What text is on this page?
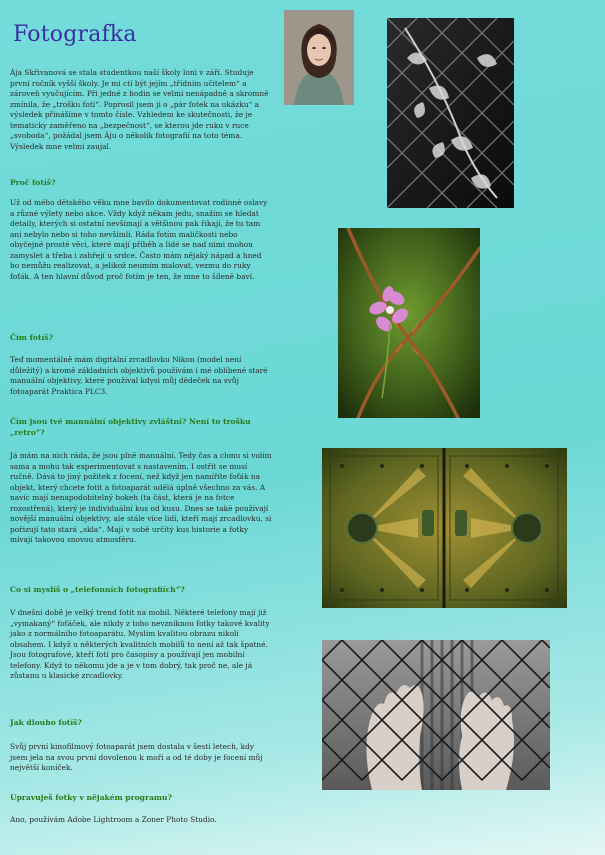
Fotografka

Ája Skřivanová se stala studentkou naší školy loni v září. Studuje první ročník vyšší školy. Je mi ctí být jejím „třídním učitelem“ a zároveň vyučujícím. Při jedné z hodin se velmi nenápadně a skromně zmínila, že „trošku fotí“. Poprosil jsem ji o „pár fotek na ukázku“ a výsledek přinášíme v tomto čísle. Vzhledem ke skutečnosti, že je tematicky zaměřeno na „bezpečnost“, se kterou jde ruku v ruce „svoboda“, požádal jsem Áju o několik fotografií na toto téma. Výsledek mne velmi zaujal.

Proč fotíš?

Už od mého dětského věku mne bavilo dokumentovat rodinné oslavy a různé výlety nebo akce. Vždy když někam jedu, snažím se hledat detaily, kterých si ostatní nevšímají a většinou pak říkají, že tu tam ani nebylo nebo si toho nevšimli. Ráda fotím maličkosti nebo obyčejné prosté věci, které mají příběh a lidé se nad nimi mohou zamyslet a třeba i zahřejí u srdce. Často mám nějaký nápad a hned ho nemůžu realizovat, a jelikož neumím malovat, vezmu do ruky foťák. A ten hlavní důvod proč fotím je ten, že mne to šíleně baví.

Čím fotíš?

Teď momentálně mám digitální zrcadlovku Nikon (model není důležitý) a kromě základních objektivů používám i mé oblíbené staré manuální objektivy, které používal kdysi můj dědeček na svůj fotoaparát Praktica PLC3.

Čím jsou tvé manuální objektivy zvláštní? Není to trošku „retro“?

Já mám na nich ráda, že jsou plně manuální. Tedy čas a clonu si volím sama a mohu tak experimentovat s nastavením. I ostřit se musí ručně. Dává to jiný požitek z focení, než když jen namíříte foťák na objekt, který chcete fotit a fotoaparát udělá úplně všechno za vás. A navíc mají nenapodobitelný bokeh (ta část, která je na fotce rozostřená), který je individuální kus od kusu. Dnes se také používají novější manuální objektivy, ale stále více lidí, kteří mají zrcadlovku, si pořizují tato stará „skla“. Mají v sobě určitý kus historie a fotky mívají takovou snovou atmosféru.

Co si myslíš o „telefonních fotografiích“?

V dnešní době je velký trend fotit na mobil. Některé telefony mají již „vymakaný“ foťáček, ale nikdy z toho nevzniknou fotky takové kvality jako z normálního fotoaparátu. Myslím kvalitou obrazu nikoli obsahem. I když u některých kvalitních mobilů to není až tak špatné. Jsou fotografové, kteří fotí pro časopisy a používají jen mobilní telefony. Když to někomu jde a je v tom dobrý, tak proč ne, ale já zůstanu u klasické zrcadlovky.

Jak dlouho fotíš?

Svůj první kinofilmový fotoaparát jsem dostala v šesti letech, kdy jsem jela na svou první dovolenou k moři a od té doby je focení můj největší koníček.

Upravuješ fotky v nějakém programu?

Ano, používám Adobe Lightroom a Zoner Photo Studio.
